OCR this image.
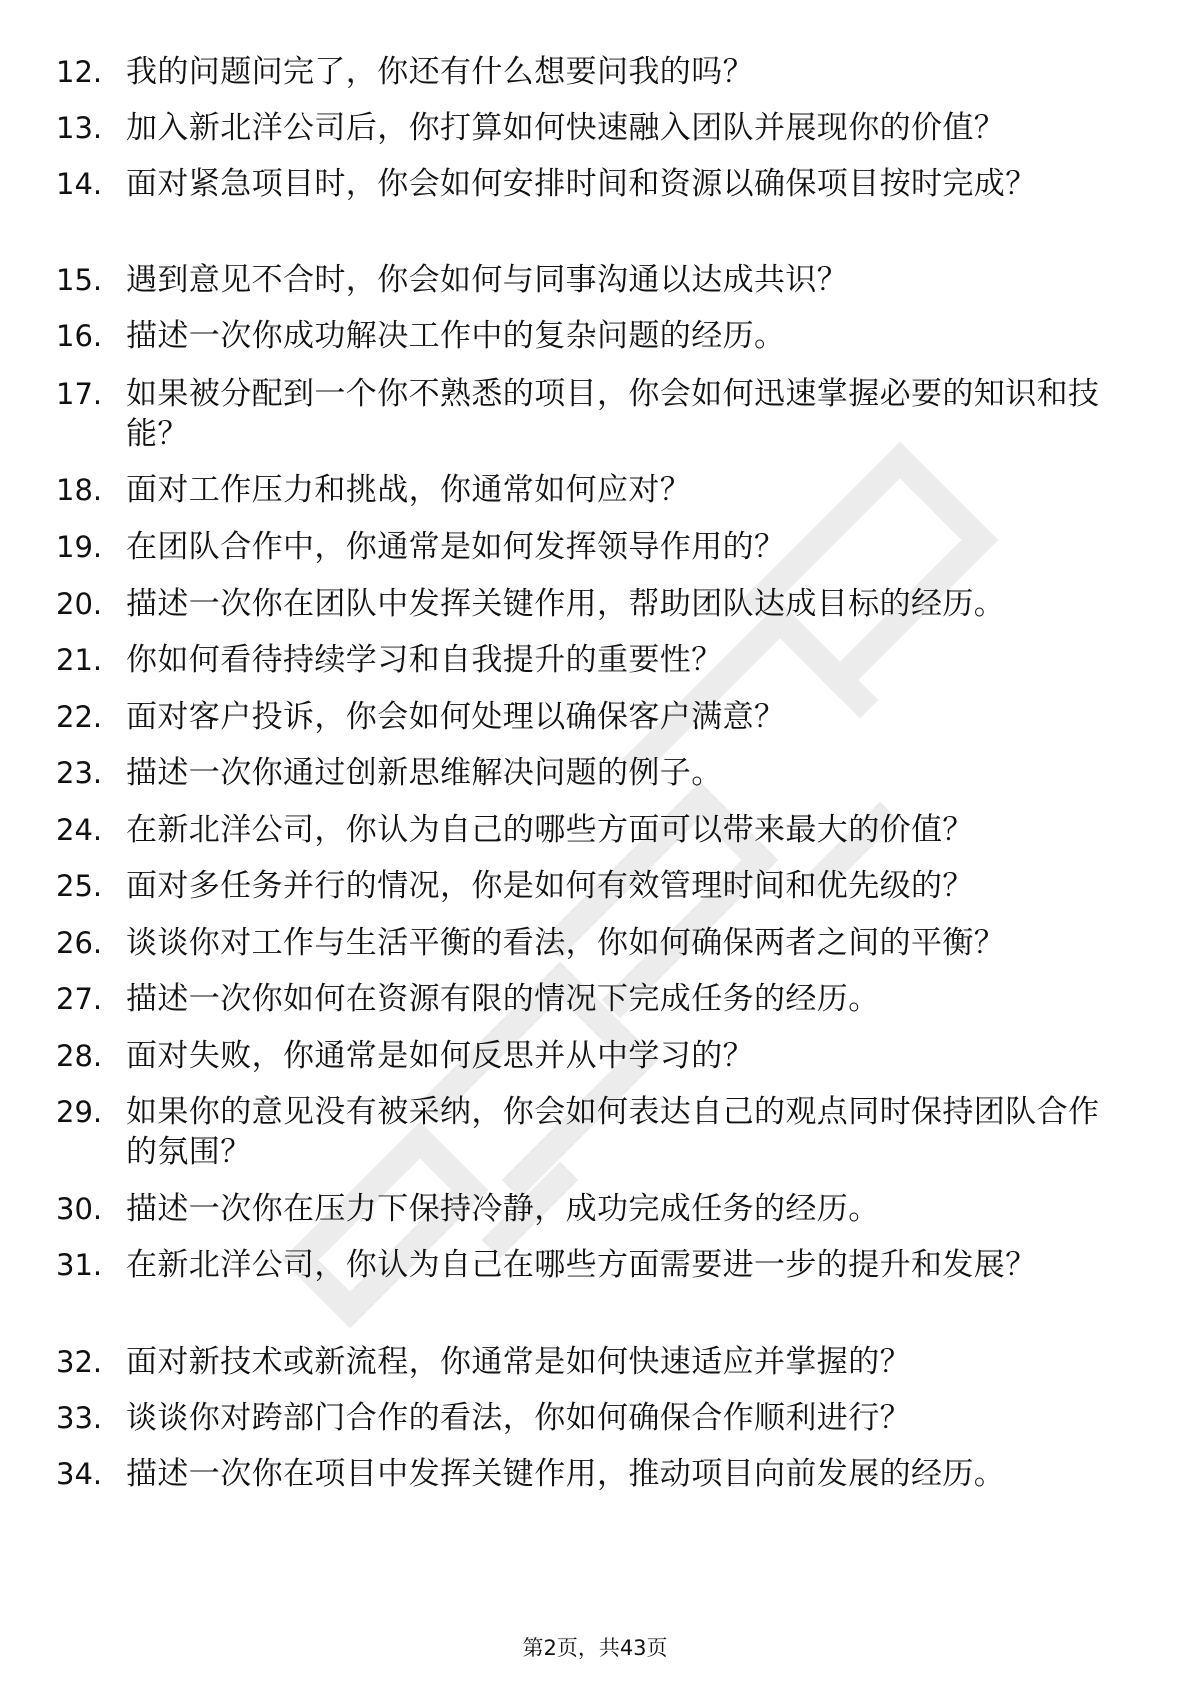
12. 我的问题问完了，你还有什么想要问我的吗？
13. 加入新北洋公司后，你打算如何快速融入团队并展现你的价值？
14. 面对紧急项目时，你会如何安排时间和资源以确保项目按时完成？
15. 遇到意见不合时，你会如何与同事沟通以达成共识？
16. 描述一次你成功解决工作中的复杂问题的经历。
17. 如果被分配到一个你不熟悉的项目，你会如何迅速掌握必要的知识和技能？
18. 面对工作压力和挑战，你通常如何应对？
19. 在团队合作中，你通常是如何发挥领导作用的？
20. 描述一次你在团队中发挥关键作用，帮助团队达成目标的经历。
21. 你如何看待持续学习和自我提升的重要性？
22. 面对客户投诉，你会如何处理以确保客户满意？
23. 描述一次你通过创新思维解决问题的例子。
24. 在新北洋公司，你认为自己的哪些方面可以带来最大的价值？
25. 面对多任务并行的情况，你是如何有效管理时间和优先级的？
26. 谈谈你对工作与生活平衡的看法，你如何确保两者之间的平衡？
27. 描述一次你如何在资源有限的情况下完成任务的经历。
28. 面对失败，你通常是如何反思并从中学习的？
29. 如果你的意见没有被采纳，你会如何表达自己的观点同时保持团队合作的氛围？
30. 描述一次你在压力下保持冷静，成功完成任务的经历。
31. 在新北洋公司，你认为自己在哪些方面需要进一步的提升和发展？
32. 面对新技术或新流程，你通常是如何快速适应并掌握的？
33. 谈谈你对跨部门合作的看法，你如何确保合作顺利进行？
34. 描述一次你在项目中发挥关键作用，推动项目向前发展的经历。
第2页，共43页
